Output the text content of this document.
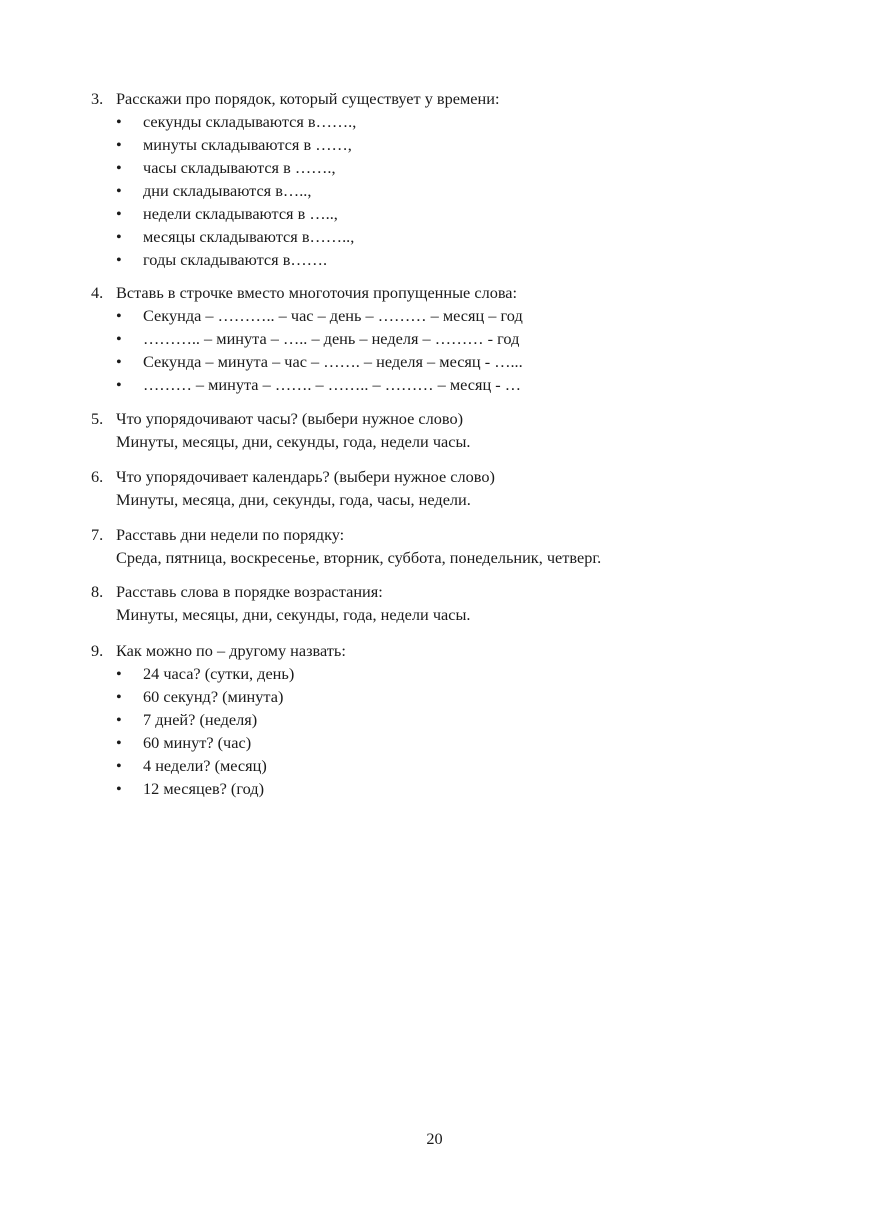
3. Расскажи про порядок, который существует у времени:
• секунды складываются в…….,
• минуты складываются в ……,
• часы складываются в …….,
• дни складываются в…..,
• недели складываются в …..,
• месяцы складываются в……..,
• годы складываются в…….
4. Вставь в строчке вместо многоточия пропущенные слова:
• Секунда – ……….. – час – день – ……… – месяц – год
• ……….. – минута – ….. – день – неделя – ……… - год
• Секунда – минута – час – ……. – неделя – месяц - …...
• ……… – минута – ……. – …….. – ……… – месяц - …
5. Что упорядочивают часы? (выбери нужное слово)
Минуты, месяцы, дни, секунды, года, недели часы.
6. Что упорядочивает календарь? (выбери нужное слово)
Минуты, месяца, дни, секунды, года, часы, недели.
7. Расставь дни недели по порядку:
Среда, пятница, воскресенье, вторник, суббота, понедельник, четверг.
8. Расставь слова в порядке возрастания:
Минуты, месяцы, дни, секунды, года, недели часы.
9. Как можно по – другому назвать:
• 24 часа? (сутки, день)
• 60 секунд? (минута)
• 7 дней? (неделя)
• 60 минут? (час)
• 4 недели? (месяц)
• 12 месяцев? (год)
20
